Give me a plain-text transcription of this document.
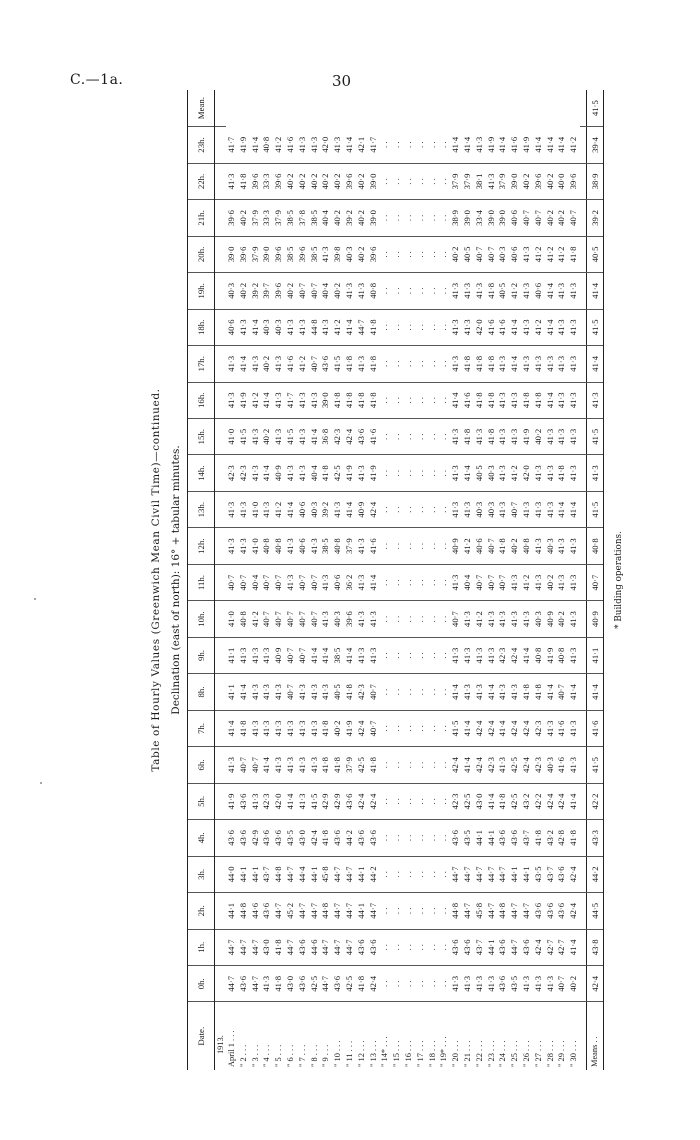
C.—1a.	30
Table of Hourly Values (Greenwich Mean Civil Time)—continued. Declination (east of north): 16° + tabular minutes.
Date.	0h.	1h.	2h.	3h.	4h.	5h.	6h.	7h.	8h.	9h.	10h.	11h.	12h.	13h.	14h.	15h.	16h.	17h.	18h.	19h.	20h.	21h.	22h.	23h.	Mean.
1913.																									
April 1 . . .	44·7	44·7	44·1	44·0	43·6	41·9	41·3	41·4	41·1	41·1	41·0	40·7	41·3	41·3	42·3	41·0	41·3	41·3	40·6	40·3	39·0	39·6	41·3	41·7	
" 2 . . .	43·6	44·7	44·8	44·1	43·6	43·6	40·7	41·8	41·4	41·3	40·8	40·7	41·3	41·3	42·3	41·5	41·9	41·4	41·3	40·2	39·6	40·2	41·8	41·9	
" 3 . . .	44·7	44·7	44·6	44·1	42·9	41·3	40·7	41·3	41·3	41·3	41·2	40·4	41·0	41·0	41·3	41·3	41·2	41·3	41·4	39·2	37·9	37·9	39·6	41·4	
" 4 . . .	41·3	43·0	43·6	43·7	43·6	42·3	41·4	41·3	41·3	41·3	40·7	40·7	40·8	41·3	41·4	40·2	41·4	40·2	40·3	39·7	39·0	33·3	33·3	40·8	
" 5 . . .	41·8	41·8	44·7	44·8	43·6	42·0	41·3	41·3	41·3	40·9	40·7	40·7	40·8	41·2	40·9	41·3	41·3	41·3	40·3	39·6	39·6	37·9	39·6	41·2	
" 6 . . .	43·0	44·7	45·2	44·7	43·5	41·4	41·3	41·3	40·7	40·7	40·7	41·3	41·3	41·4	41·3	41·5	41·7	41·6	41·3	40·2	38·5	38·5	40·2	41·6	
" 7 . . .	43·6	43·6	44·7	44·4	43·0	41·3	41·3	41·3	41·3	40·7	40·7	40·7	40·6	40·6	41·3	41·3	41·3	41·2	41·3	40·7	39·6	37·8	40·2	41·3	
" 8 . . .	42·5	44·6	44·7	44·1	42·4	41·5	41·3	41·3	41·3	41·4	40·7	40·7	41·3	40·3	40·4	41·4	41·3	40·7	44·8	40·7	38·5	38·5	40·2	41·3	
" 9 . . .	44·7	44·7	44·8	45·8	41·8	42·9	41·8	41·8	41·3	41·4	41·3	41·3	38·5	39·2	41·8	36·8	39·0	43·6	41·3	40·4	41·3	40·4	40·2	42·0	
" 10 . . .	43·6	44·7	44·7	44·7	43·6	42·9	41·8	40·2	40·5	38·5	40·3	40·6	40·8	41·3	42·5	42·3	41·8	41·5	41·2	40·2	39·8	40·2	40·2	41·3	
" 11 . . .	42·5	44·7	44·7	44·7	44·2	43·6	37·9	41·9	41·8	41·4	39·6	36·2	37·9	41·4	41·9	42·4	41·8	41·8	41·4	41·3	40·3	39·2	39·6	41·4	
" 12 . . .	41·8	43·6	44·1	44·1	43·6	42·4	42·5	42·4	42·3	41·3	41·3	41·3	41·3	40·9	41·3	43·6	41·8	41·3	44·7	41·3	40·2	40·2	40·2	42·1	
" 13 . . .	42·4	43·6	44·7	44·2	43·6	42·4	41·8	40·7	40·7	41·3	41·3	41·4	41·6	42·4	41·9	41·6	41·8	41·8	41·8	40·8	39·6	39·0	39·0	41·7	
" 14* . . .	. .	. .	. .	. .	. .	. .	. .	. .	. .	. .	. .	. .	. .	. .	. .	. .	. .	. .	. .	. .	. .	. .	. .	. .	
" 15 . . .	. .	. .	. .	. .	. .	. .	. .	. .	. .	. .	. .	. .	. .	. .	. .	. .	. .	. .	. .	. .	. .	. .	. .	. .	
" 16 . . .	. .	. .	. .	. .	. .	. .	. .	. .	. .	. .	. .	. .	. .	. .	. .	. .	. .	. .	. .	. .	. .	. .	. .	. .	
" 17 . . .	. .	. .	. .	. .	. .	. .	. .	. .	. .	. .	. .	. .	. .	. .	. .	. .	. .	. .	. .	. .	. .	. .	. .	. .	
" 18 . . .	. .	. .	. .	. .	. .	. .	. .	. .	. .	. .	. .	. .	. .	. .	. .	. .	. .	. .	. .	. .	. .	. .	. .	. .	
" 19* . . .	. .	. .	. .	. .	. .	. .	. .	. .	. .	. .	. .	. .	. .	. .	. .	. .	. .	. .	. .	. .	. .	. .	. .	. .	
" 20 . . .	41·3	43·6	44·8	44·7	43·6	42·3	42·4	41·5	41·4	41·3	40·7	41·3	40·9	41·3	41·3	41·3	41·4	41·3	41·3	41·3	40·2	38·9	37·9	41·4	
" 21 . . .	41·3	43·6	44·7	44·7	43·5	42·5	41·4	41·4	41·3	41·3	41·3	40·4	41·2	41·3	41·4	41·8	41·6	41·8	41·3	41·3	40·5	39·0	37·9	41·4	
" 22 . . .	41·3	43·7	45·8	44·7	44·1	43·0	42·4	42·4	41·3	41·3	41·2	40·7	40·6	40·3	40·5	41·3	41·8	41·8	42·0	41·3	40·7	33·4	38·1	41·3	
" 23 . . .	41·3	44·1	44·7	44·7	44·1	41·4	42·3	42·4	41·4	41·3	41·3	40·7	40·7	40·3	40·3	41·8	41·8	41·8	41·6	41·8	40·7	39·0	41·3	41·9	
" 24 . . .	43·6	43·6	44·8	44·7	43·6	41·8	41·3	41·4	41·3	42·3	41·3	40·7	41·8	41·3	41·3	41·3	41·3	41·3	41·6	40·5	40·3	39·0	37·9	41·4	
" 25 . . .	43·5	44·7	44·7	44·1	43·6	42·5	42·5	42·4	41·3	42·4	41·3	41·3	40·2	40·7	41·2	41·3	41·3	41·4	41·4	41·2	40·6	40·6	39·0	41·6	
" 26 . . .	41·3	43·6	44·7	44·1	43·7	43·2	42·4	42·4	41·8	41·4	41·3	41·2	40·8	41·3	42·0	41·9	41·8	41·3	41·3	41·3	41·3	40·7	40·2	41·9	
" 27 . . .	41·3	42·4	43·6	43·5	41·8	42·2	42·3	42·3	41·8	40·8	40·3	41·3	41·3	41·3	41·3	40·2	41·8	41·3	41·2	40·6	41·2	40·7	39·6	41·4	
" 28 . . .	41·3	42·7	43·6	43·7	43·2	42·4	40·3	41·3	41·4	41·9	40·9	40·2	40·3	41·3	41·3	41·3	41·4	41·3	41·4	41·4	41·2	40·2	40·2	41·4	
" 29 . . .	40·7	42·7	43·6	43·6	42·8	42·4	41·6	41·6	40·7	40·8	40·2	41·3	41·3	41·4	41·8	41·3	41·3	41·3	41·3	41·3	41·2	40·2	40·0	41·4	
" 30 . . .	40·2	41·4	42·4	42·4	41·8	41·4	41·3	41·3	41·4	41·3	41·3	41·3	41·3	41·4	41·3	41·3	41·3	41·3	41·3	41·3	41·8	40·7	39·6	41·2	

Means . .	42·4	43·8	44·5	44·2	43·3	42·2	41·5	41·6	41·4	41·1	40·9	40·7	40·8	41·5	41·3	41·5	41·3	41·4	41·5	41·4	40·5	39·2	38·9	39·4	41·5
* Building operations.
